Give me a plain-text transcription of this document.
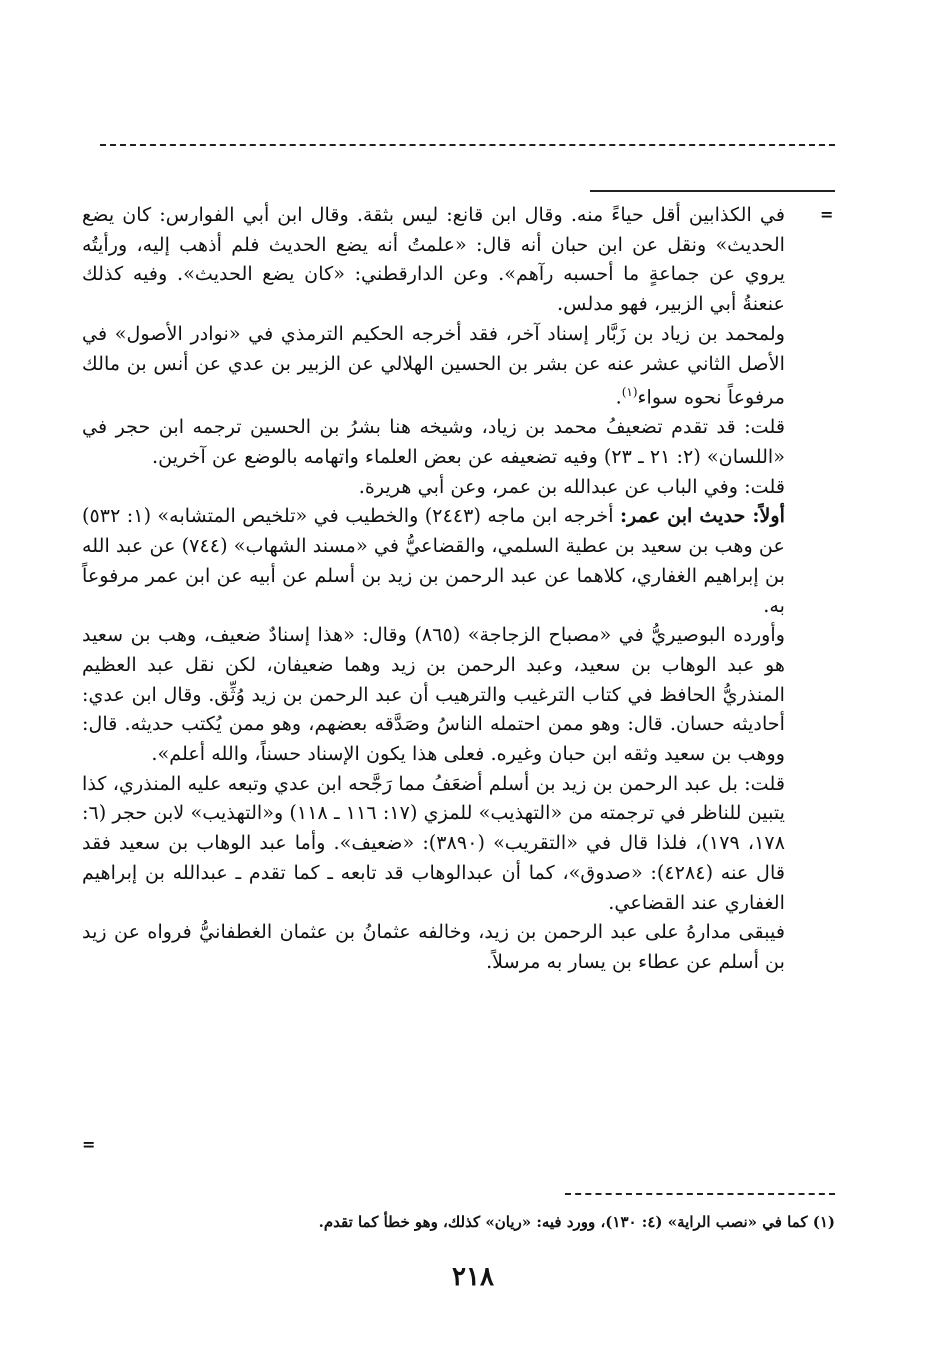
=

في الكذابين أقل حياءً منه. وقال ابن قانع: ليس بثقة. وقال ابن أبي الفوارس: كان يضع الحديث» ونقل عن ابن حبان أنه قال: «علمتُ أنه يضع الحديث فلم أذهب إليه، ورأيتُه يروي عن جماعةٍ ما أحسبه رآهم». وعن الدارقطني: «كان يضع الحديث». وفيه كذلك عنعنةُ أبي الزبير، فهو مدلس.

ولمحمد بن زياد بن زَبَّار إسناد آخر، فقد أخرجه الحكيم الترمذي في «نوادر الأصول» في الأصل الثاني عشر عنه عن بشر بن الحسين الهلالي عن الزبير بن عدي عن أنس بن مالك مرفوعاً نحوه سواء$^{(١)}$.

قلت: قد تقدم تضعيفُ محمد بن زياد، وشيخه هنا بشرُ بن الحسين ترجمه ابن حجر في «اللسان» (٢: ٢١ ـ ٢٣) وفيه تضعيفه عن بعض العلماء واتهامه بالوضع عن آخرين.

قلت: وفي الباب عن عبدالله بن عمر، وعن أبي هريرة.

أولاً: حديث ابن عمر: أخرجه ابن ماجه (٢٤٤٣) والخطيب في «تلخيص المتشابه» (١: ٥٣٢) عن وهب بن سعيد بن عطية السلمي، والقضاعيُّ في «مسند الشهاب» (٧٤٤) عن عبد الله بن إبراهيم الغفاري، كلاهما عن عبد الرحمن بن زيد بن أسلم عن أبيه عن ابن عمر مرفوعاً به.

وأورده البوصيريُّ في «مصباح الزجاجة» (٨٦٥) وقال: «هذا إسنادٌ ضعيف، وهب بن سعيد هو عبد الوهاب بن سعيد، وعبد الرحمن بن زيد وهما ضعيفان، لكن نقل عبد العظيم المنذريُّ الحافظ في كتاب الترغيب والترهيب أن عبد الرحمن بن زيد وُثِّق. وقال ابن عدي: أحاديثه حسان. قال: وهو ممن احتمله الناسُ وصَدَّقه بعضهم، وهو ممن يُكتب حديثه. قال: ووهب بن سعيد وثقه ابن حبان وغيره. فعلى هذا يكون الإسناد حسناً، والله أعلم».

قلت: بل عبد الرحمن بن زيد بن أسلم أضعَفُ مما رَجَّحه ابن عدي وتبعه عليه المنذري، كذا يتبين للناظر في ترجمته من «التهذيب» للمزي (١٧: ١١٦ ـ ١١٨) و«التهذيب» لابن حجر (٦: ١٧٨، ١٧٩)، فلذا قال في «التقريب» (٣٨٩٠): «ضعيف». وأما عبد الوهاب بن سعيد فقد قال عنه (٤٢٨٤): «صدوق»، كما أن عبدالوهاب قد تابعه ـ كما تقدم ـ عبدالله بن إبراهيم الغفاري عند القضاعي.

فيبقى مدارهُ على عبد الرحمن بن زيد، وخالفه عثمانُ بن عثمان الغطفانيُّ فرواه عن زيد بن أسلم عن عطاء بن يسار به مرسلاً.

=
(١) كما في «نصب الراية» (٤: ١٣٠)، وورد فيه: «ريان» كذلك، وهو خطأ كما تقدم.
٢١٨
